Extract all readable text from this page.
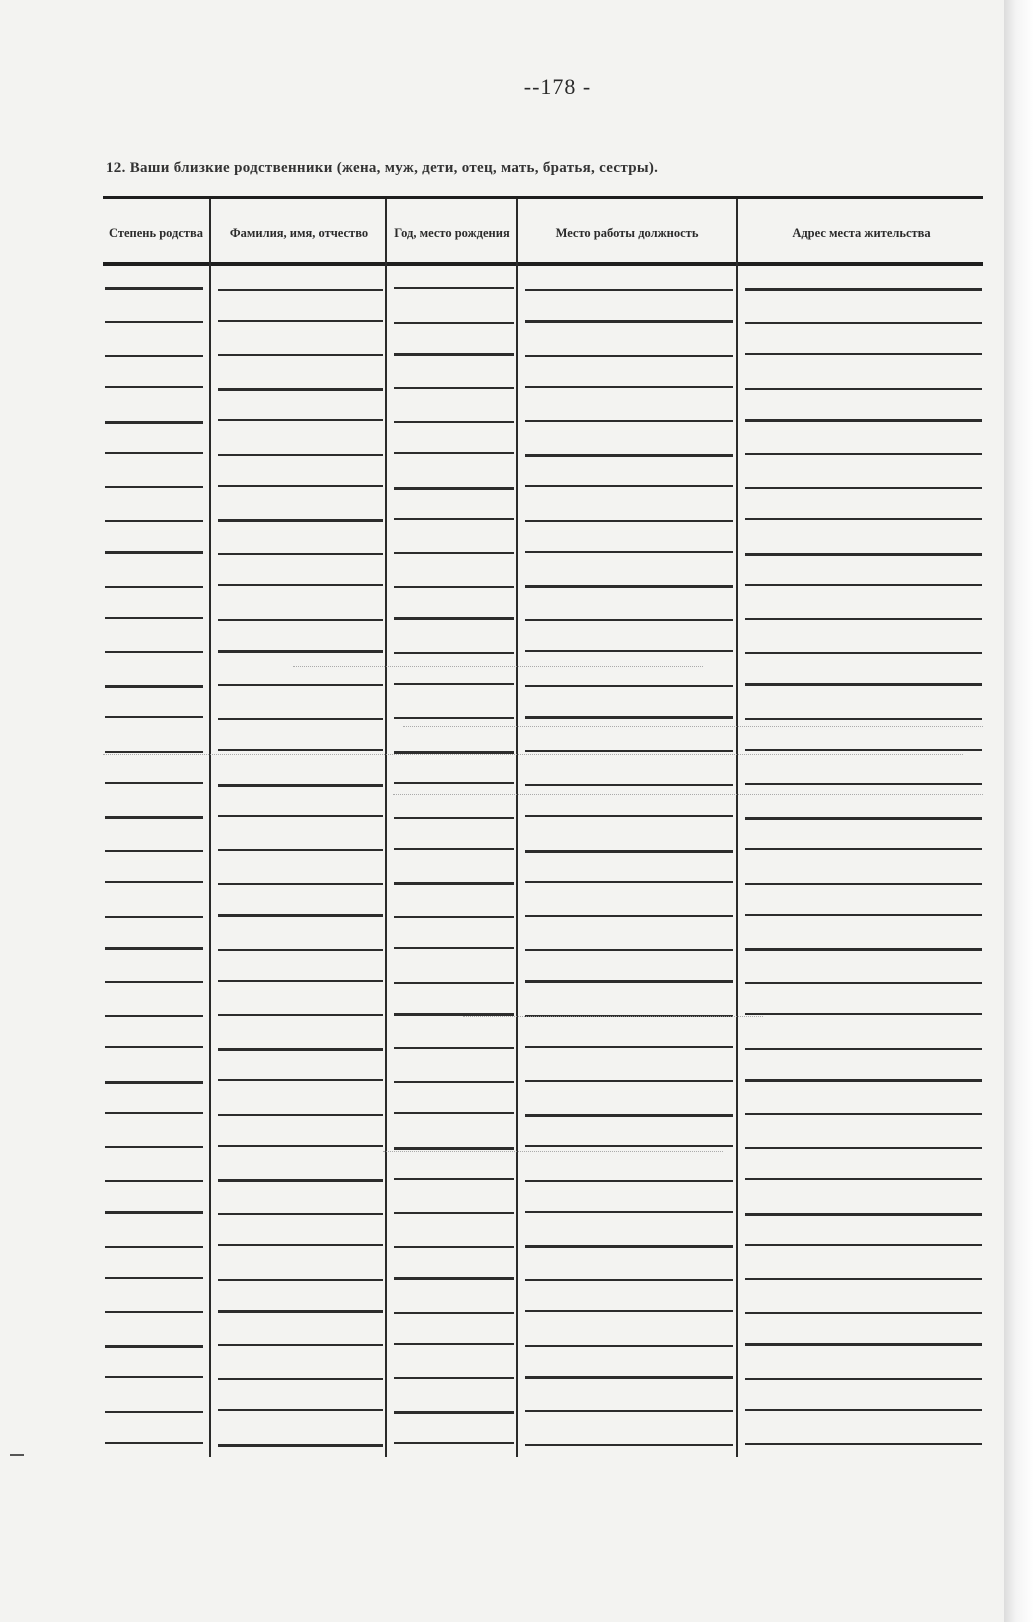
--178 -
12. Ваши близкие родственники (жена, муж, дети, отец, мать, братья, сестры).
Степень родства	Фамилия, имя, отчество	Год, место рождения	Место работы должность	Адрес места жительства
